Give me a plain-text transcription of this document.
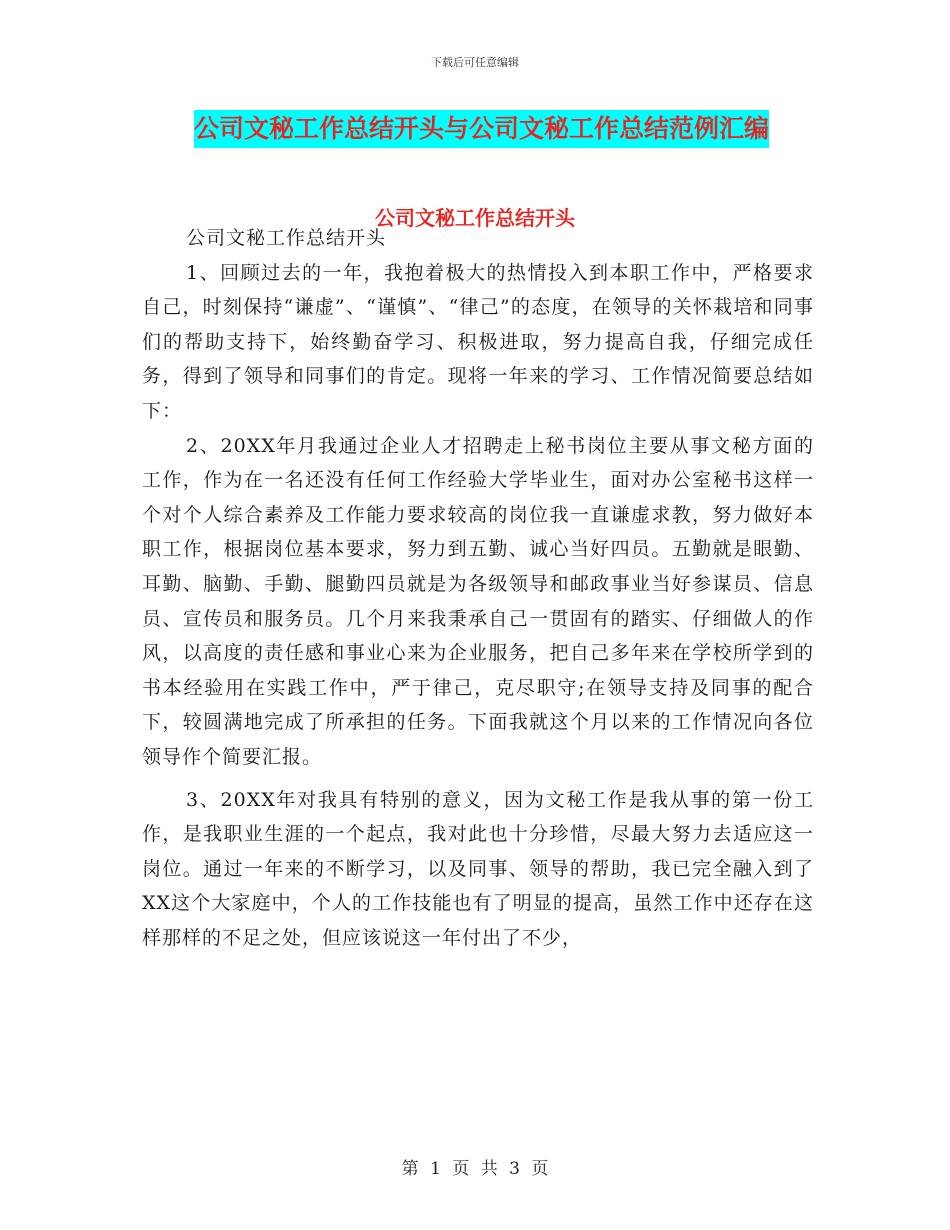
下载后可任意编辑
公司文秘工作总结开头与公司文秘工作总结范例汇编
公司文秘工作总结开头

公司文秘工作总结开头

1、回顾过去的一年，我抱着极大的热情投入到本职工作中，严格要求自己，时刻保持“谦虚”、“谨慎”、“律己”的态度，在领导的关怀栽培和同事们的帮助支持下，始终勤奋学习、积极进取，努力提高自我，仔细完成任务，得到了领导和同事们的肯定。现将一年来的学习、工作情况简要总结如下：

2、20XX年月我通过企业人才招聘走上秘书岗位主要从事文秘方面的工作，作为在一名还没有任何工作经验大学毕业生，面对办公室秘书这样一个对个人综合素养及工作能力要求较高的岗位我一直谦虚求教，努力做好本职工作，根据岗位基本要求，努力到五勤、诚心当好四员。五勤就是眼勤、耳勤、脑勤、手勤、腿勤四员就是为各级领导和邮政事业当好参谋员、信息员、宣传员和服务员。几个月来我秉承自己一贯固有的踏实、仔细做人的作风，以高度的责任感和事业心来为企业服务，把自己多年来在学校所学到的书本经验用在实践工作中，严于律己，克尽职守;在领导支持及同事的配合下，较圆满地完成了所承担的任务。下面我就这个月以来的工作情况向各位领导作个简要汇报。

3、20XX年对我具有特别的意义，因为文秘工作是我从事的第一份工作，是我职业生涯的一个起点，我对此也十分珍惜，尽最大努力去适应这一岗位。通过一年来的不断学习，以及同事、领导的帮助，我已完全融入到了XX这个大家庭中，个人的工作技能也有了明显的提高，虽然工作中还存在这样那样的不足之处，但应该说这一年付出了不少，

第 1 页 共 3 页
